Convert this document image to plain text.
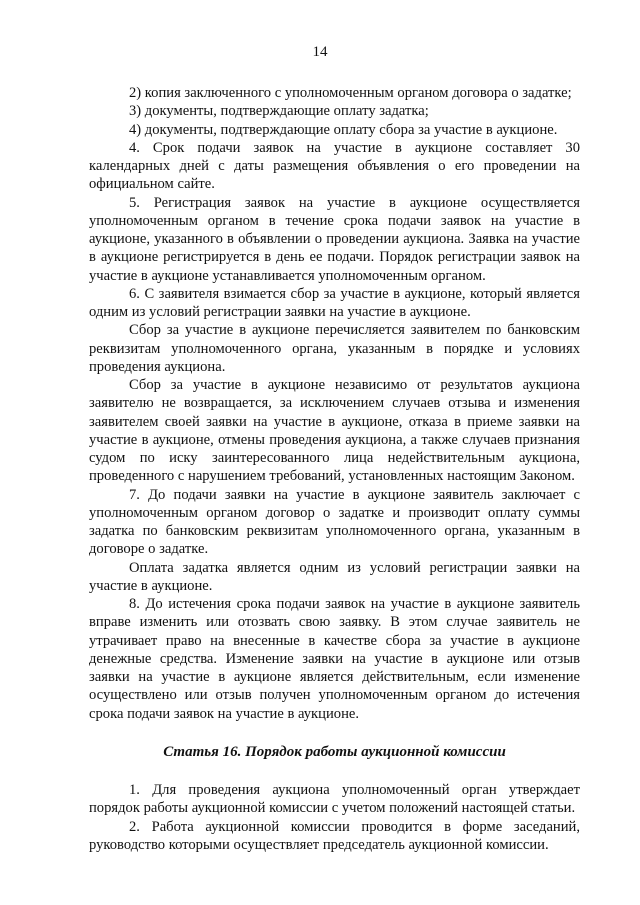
14

2) копия заключенного с уполномоченным органом договора о задатке;

3) документы, подтверждающие оплату задатка;

4) документы, подтверждающие оплату сбора за участие в аукционе.

4. Срок подачи заявок на участие в аукционе составляет 30 календарных дней с даты размещения объявления о его проведении на официальном сайте.

5. Регистрация заявок на участие в аукционе осуществляется уполномоченным органом в течение срока подачи заявок на участие в аукционе, указанного в объявлении о проведении аукциона. Заявка на участие в аукционе регистрируется в день ее подачи. Порядок регистрации заявок на участие в аукционе устанавливается уполномоченным органом.

6. С заявителя взимается сбор за участие в аукционе, который является одним из условий регистрации заявки на участие в аукционе.

Сбор за участие в аукционе перечисляется заявителем по банковским реквизитам уполномоченного органа, указанным в порядке и условиях проведения аукциона.

Сбор за участие в аукционе независимо от результатов аукциона заявителю не возвращается, за исключением случаев отзыва и изменения заявителем своей заявки на участие в аукционе, отказа в приеме заявки на участие в аукционе, отмены проведения аукциона, а также случаев признания судом по иску заинтересованного лица недействительным аукциона, проведенного с нарушением требований, установленных настоящим Законом.

7. До подачи заявки на участие в аукционе заявитель заключает с уполномоченным органом договор о задатке и производит оплату суммы задатка по банковским реквизитам уполномоченного органа, указанным в договоре о задатке.

Оплата задатка является одним из условий регистрации заявки на участие в аукционе.

8. До истечения срока подачи заявок на участие в аукционе заявитель вправе изменить или отозвать свою заявку. В этом случае заявитель не утрачивает право на внесенные в качестве сбора за участие в аукционе денежные средства. Изменение заявки на участие в аукционе или отзыв заявки на участие в аукционе является действительным, если изменение осуществлено или отзыв получен уполномоченным органом до истечения срока подачи заявок на участие в аукционе.

Статья 16. Порядок работы аукционной комиссии

1. Для проведения аукциона уполномоченный орган утверждает порядок работы аукционной комиссии с учетом положений настоящей статьи.

2. Работа аукционной комиссии проводится в форме заседаний, руководство которыми осуществляет председатель аукционной комиссии.
